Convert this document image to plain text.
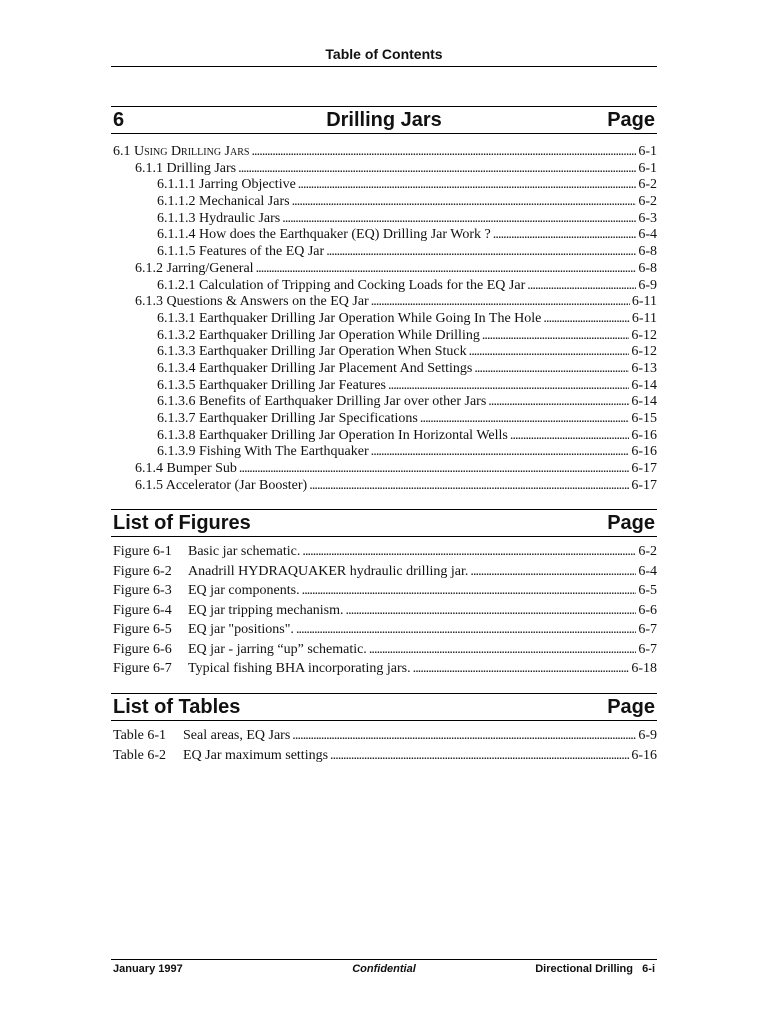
Table of Contents
6	Drilling Jars	Page
6.1 Using Drilling Jars . . .	6-1
6.1.1 Drilling Jars . . .	6-1
6.1.1.1 Jarring Objective . . .	6-2
6.1.1.2 Mechanical Jars . . .	6-2
6.1.1.3 Hydraulic Jars . . .	6-3
6.1.1.4 How does the Earthquaker (EQ) Drilling Jar Work ? . . .	6-4
6.1.1.5 Features of the EQ Jar . . .	6-8
6.1.2 Jarring/General . . .	6-8
6.1.2.1 Calculation of Tripping and Cocking Loads for the EQ Jar . . .	6-9
6.1.3 Questions & Answers on the EQ Jar . . .	6-11
6.1.3.1 Earthquaker Drilling Jar Operation While Going In The Hole . . .	6-11
6.1.3.2 Earthquaker Drilling Jar Operation While Drilling . . .	6-12
6.1.3.3 Earthquaker Drilling Jar Operation When Stuck . . .	6-12
6.1.3.4 Earthquaker Drilling Jar Placement And Settings . . .	6-13
6.1.3.5 Earthquaker Drilling Jar Features . . .	6-14
6.1.3.6 Benefits of Earthquaker Drilling Jar over other Jars . . .	6-14
6.1.3.7 Earthquaker Drilling Jar Specifications . . .	6-15
6.1.3.8 Earthquaker Drilling Jar Operation In Horizontal Wells . . .	6-16
6.1.3.9 Fishing With The Earthquaker . . .	6-16
6.1.4 Bumper Sub . . .	6-17
6.1.5 Accelerator (Jar Booster) . . .	6-17
List of Figures	Page
Figure 6-1	Basic jar schematic. . . .	6-2
Figure 6-2	Anadrill HYDRAQUAKER hydraulic drilling jar. . . .	6-4
Figure 6-3	EQ jar components. . . .	6-5
Figure 6-4	EQ jar tripping mechanism. . . .	6-6
Figure 6-5	EQ jar "positions". . . .	6-7
Figure 6-6	EQ jar - jarring “up” schematic. . . .	6-7
Figure 6-7	Typical fishing BHA incorporating jars. . . .	6-18
List of Tables	Page
Table 6-1	Seal areas, EQ Jars . . .	6-9
Table 6-2	EQ Jar maximum settings . . .	6-16
January 1997	Confidential	Directional Drilling   6-i
